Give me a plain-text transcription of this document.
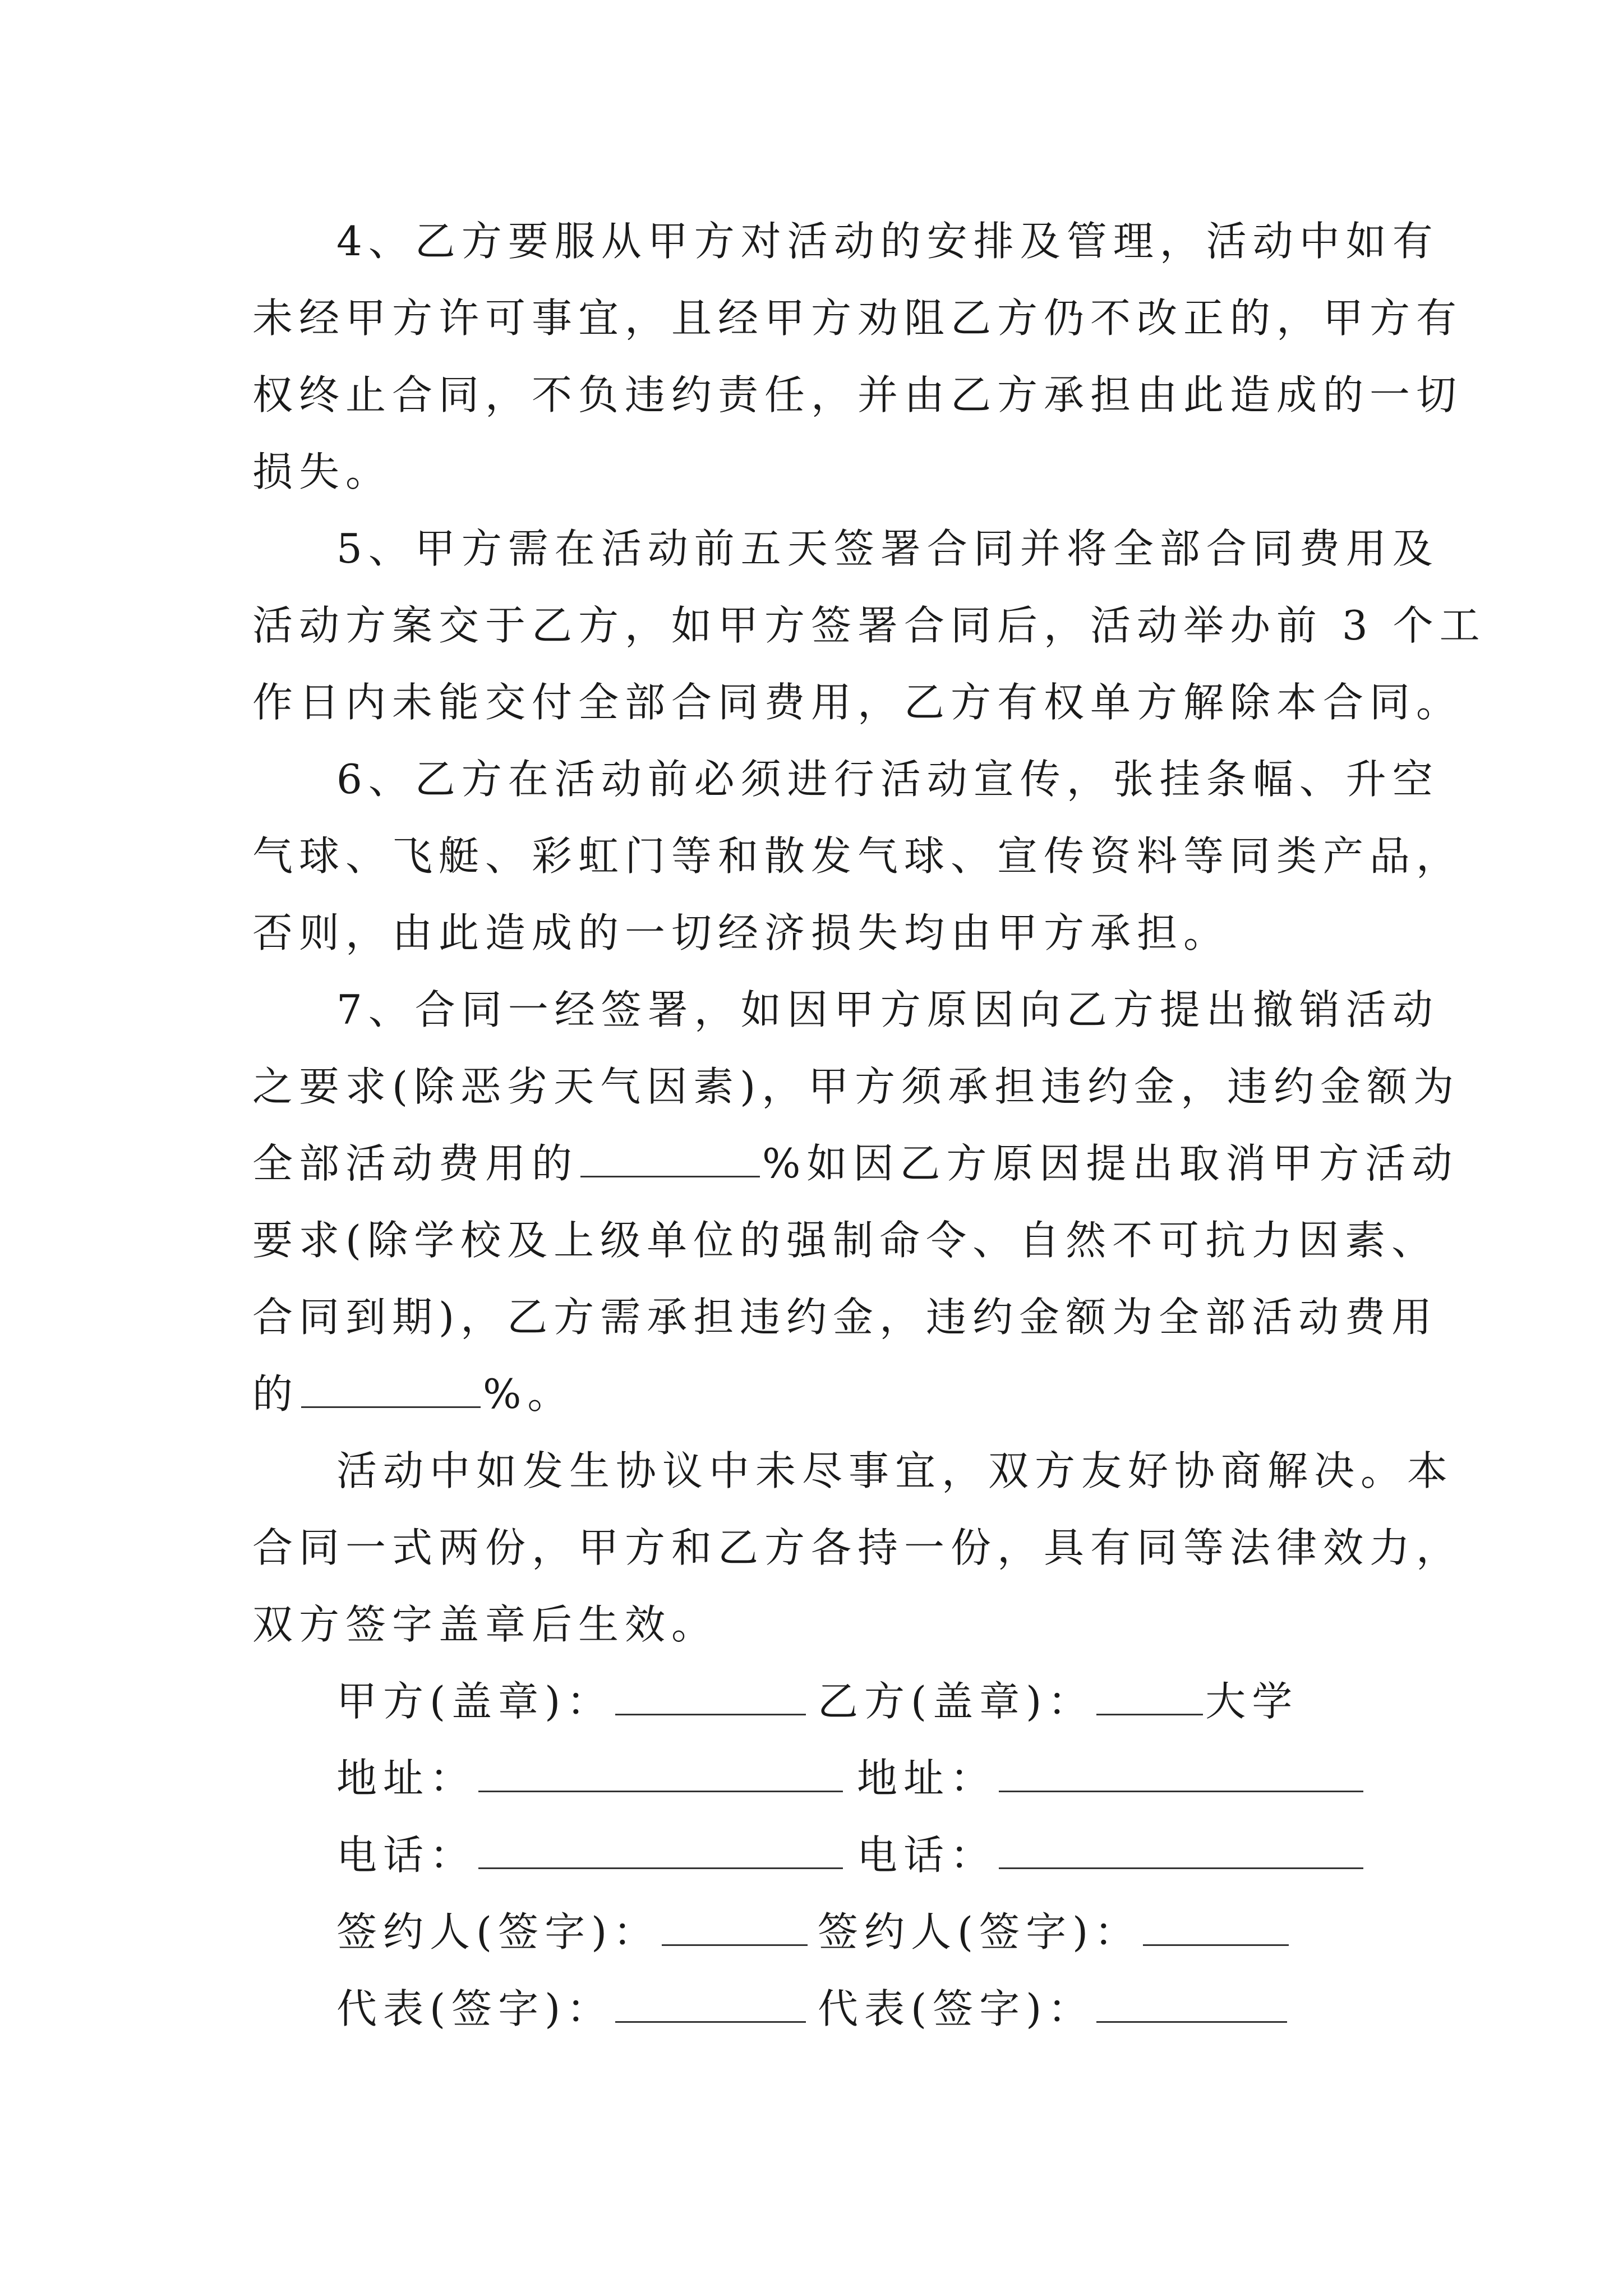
4、乙方要服从甲方对活动的安排及管理，活动中如有
未经甲方许可事宜，且经甲方劝阻乙方仍不改正的，甲方有
权终止合同，不负违约责任，并由乙方承担由此造成的一切
损失。
5、甲方需在活动前五天签署合同并将全部合同费用及
活动方案交于乙方，如甲方签署合同后，活动举办前 3 个工
作日内未能交付全部合同费用，乙方有权单方解除本合同。
6、乙方在活动前必须进行活动宣传，张挂条幅、升空
气球、飞艇、彩虹门等和散发气球、宣传资料等同类产品，
否则，由此造成的一切经济损失均由甲方承担。
7、合同一经签署，如因甲方原因向乙方提出撤销活动
之要求(除恶劣天气因素)，甲方须承担违约金，违约金额为
全部活动费用的	%如因乙方原因提出取消甲方活动
要求(除学校及上级单位的强制命令、自然不可抗力因素、
合同到期)，乙方需承担违约金，违约金额为全部活动费用
的	%。
活动中如发生协议中未尽事宜，双方友好协商解决。本
合同一式两份，甲方和乙方各持一份，具有同等法律效力，
双方签字盖章后生效。
甲方(盖章)：	乙方(盖章)：	大学
地址：	地址：
电话：	电话：
签约人(签字)：	签约人(签字)：
代表(签字)：	代表(签字)：
